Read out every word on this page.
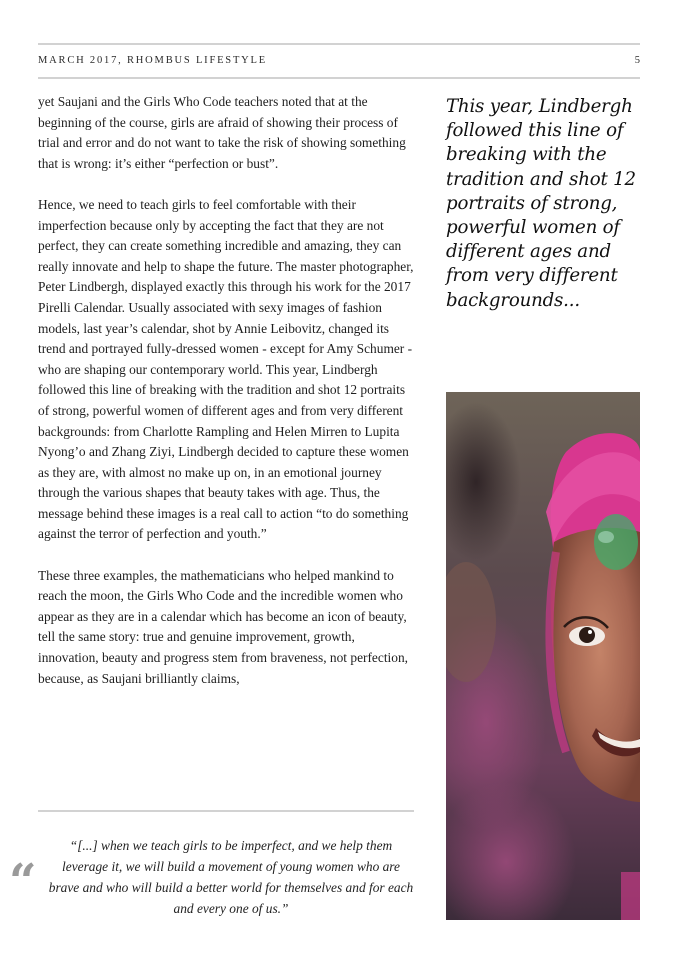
MARCH 2017, RHOMBUS LIFESTYLE	5

yet Saujani and the Girls Who Code teachers noted that at the beginning of the course, girls are afraid of showing their process of trial and error and do not want to take the risk of showing something that is wrong: it’s either “perfection or bust”.

Hence, we need to teach girls to feel comfortable with their imperfection because only by accepting the fact that they are not perfect, they can create something incredible and amazing, they can really innovate and help to shape the future. The master photographer, Peter Lindbergh, displayed exactly this through his work for the 2017 Pirelli Calendar. Usually associated with sexy images of fashion models, last year’s calendar, shot by Annie Leibovitz, changed its trend and portrayed fully-dressed women - except for Amy Schumer - who are shaping our contemporary world. This year, Lindbergh followed this line of breaking with the tradition and shot 12 portraits of strong, powerful women of different ages and from very different backgrounds: from Charlotte Rampling and Helen Mirren to Lupita Nyong’o and Zhang Ziyi, Lindbergh decided to capture these women as they are, with almost no make up on, in an emotional journey through the various shapes that beauty takes with age. Thus, the message behind these images is a real call to action “to do something against the terror of perfection and youth.”

These three examples, the mathematicians who helped mankind to reach the moon, the Girls Who Code and the incredible women who appear as they are in a calendar which has become an icon of beauty, tell the same story: true and genuine improvement, growth, innovation, beauty and progress stem from braveness, not perfection, because, as Saujani brilliantly claims,

This year, Lindbergh followed this line of breaking with the tradition and shot 12 portraits of strong, powerful women of different ages and from very different backgrounds...
“
“[...] when we teach girls to be imperfect, and we help them leverage it, we will build a movement of young women who are brave and who will build a better world for themselves and for each and every one of us.”
